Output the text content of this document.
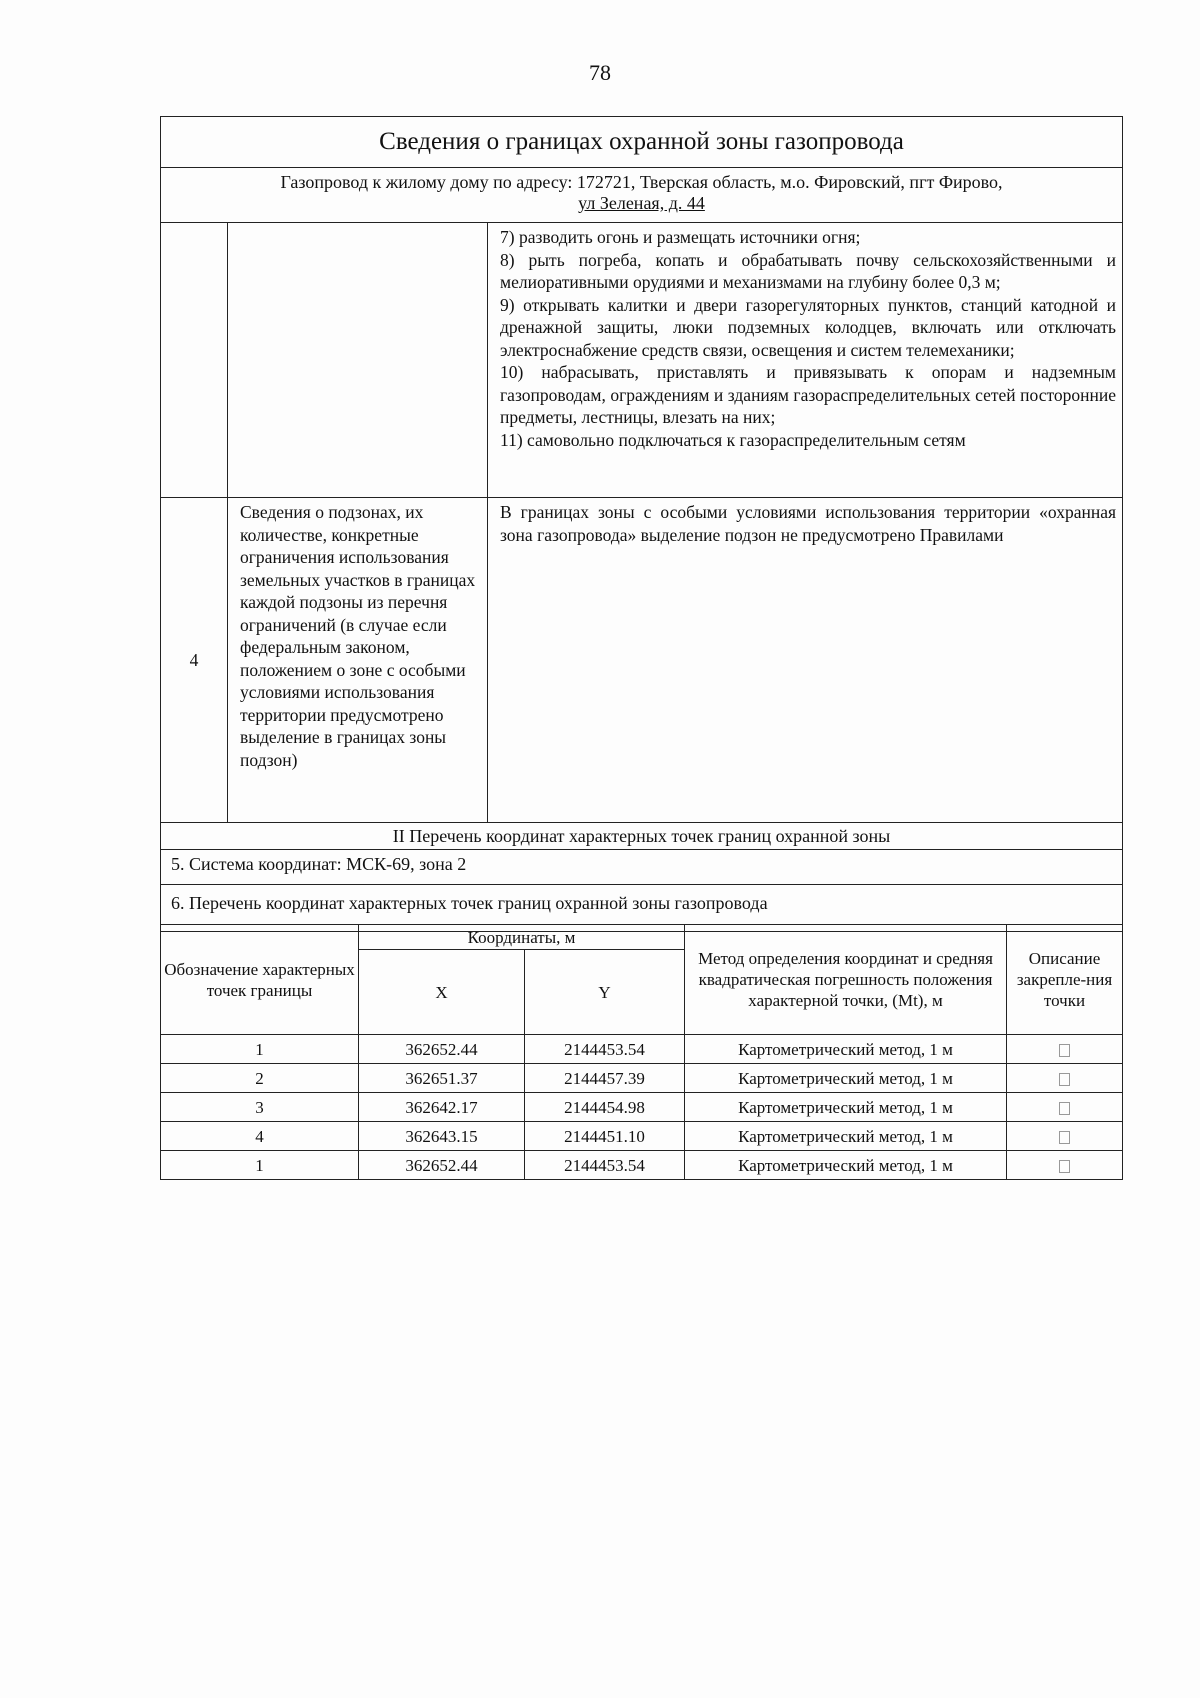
78
Сведения о границах охранной зоны газопровода		

Газопровод к жилому дому по адресу: 172721, Тверская область, м.о. Фировский, пгт Фирово,
ул Зеленая, д. 44		

		7) разводить огонь и размещать источники огня;

8) рыть погреба, копать и обрабатывать почву сельскохозяйственными и мелиоративными орудиями и механизмами на глубину более 0,3 м;

9) открывать калитки и двери газорегуляторных пунктов, станций катодной и дренажной защиты, люки подземных колодцев, включать или отключать электроснабжение средств связи, освещения и систем телемеханики;

10) набрасывать, приставлять и привязывать к опорам и надземным газопроводам, ограждениям и зданиям газораспределительных сетей посторонние предметы, лестницы, влезать на них;

11) самовольно подключаться к газораспределительным сетям

4	Сведения о подзонах, их количестве, конкретные ограничения использования земельных участков в границах каждой подзоны из перечня ограничений (в случае если федеральным законом, положением о зоне с особыми условиями использования территории предусмотрено выделение в границах зоны подзон)	В границах зоны с особыми условиями использования территории «охранная зона газопровода» выделение подзон не предусмотрено Правилами
II Перечень координат характерных точек границ охранной зоны		
5. Система координат: МСК-69, зона 2		
6. Перечень координат характерных точек границ охранной зоны газопровода		
Обозначение характерных точек границы	Координаты, м		Метод определения координат и средняя квадратическая погрешность положения характерной точки, (Mt), м	Описание закрепле-ния точки
	X	Y		
1	362652.44	2144453.54	Картометрический метод, 1 м	
2	362651.37	2144457.39	Картометрический метод, 1 м	
3	362642.17	2144454.98	Картометрический метод, 1 м	
4	362643.15	2144451.10	Картометрический метод, 1 м	
1	362652.44	2144453.54	Картометрический метод, 1 м	
